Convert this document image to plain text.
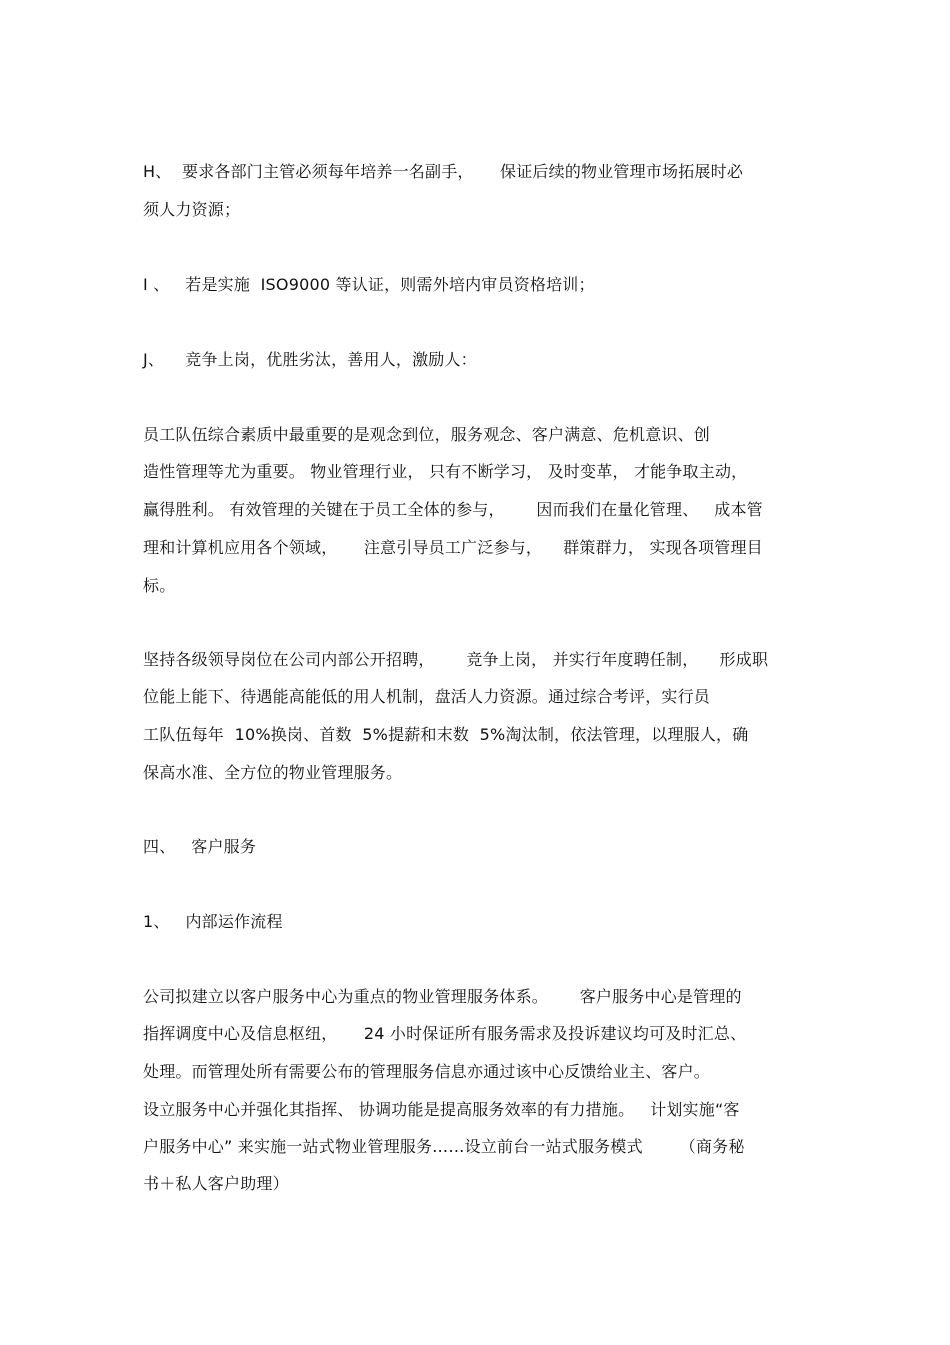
H、  要求各部门主管必须每年培养一名副手，     保证后续的物业管理市场拓展时必

须人力资源；

I 、   若是实施  ISO9000 等认证，则需外培内审员资格培训；

J、    竞争上岗，优胜劣汰，善用人，激励人：

员工队伍综合素质中最重要的是观念到位，服务观念、客户满意、危机意识、创

造性管理等尤为重要。 物业管理行业， 只有不断学习， 及时变革， 才能争取主动，

赢得胜利。 有效管理的关键在于员工全体的参与，      因而我们在量化管理、   成本管

理和计算机应用各个领域，     注意引导员工广泛参与，    群策群力， 实现各项管理目

标。

坚持各级领导岗位在公司内部公开招聘，      竞争上岗， 并实行年度聘任制，    形成职

位能上能下、待遇能高能低的用人机制，盘活人力资源。通过综合考评，实行员

工队伍每年  10%换岗、首数  5%提薪和末数  5%淘汰制，依法管理，以理服人，确

保高水准、全方位的物业管理服务。

四、   客户服务

1、   内部运作流程

公司拟建立以客户服务中心为重点的物业管理服务体系。      客户服务中心是管理的

指挥调度中心及信息枢纽，     24 小时保证所有服务需求及投诉建议均可及时汇总、

处理。而管理处所有需要公布的管理服务信息亦通过该中心反馈给业主、客户。

设立服务中心并强化其指挥、 协调功能是提高服务效率的有力措施。   计划实施“客

户服务中心” 来实施一站式物业管理服务……设立前台一站式服务模式       （商务秘

书＋私人客户助理）
